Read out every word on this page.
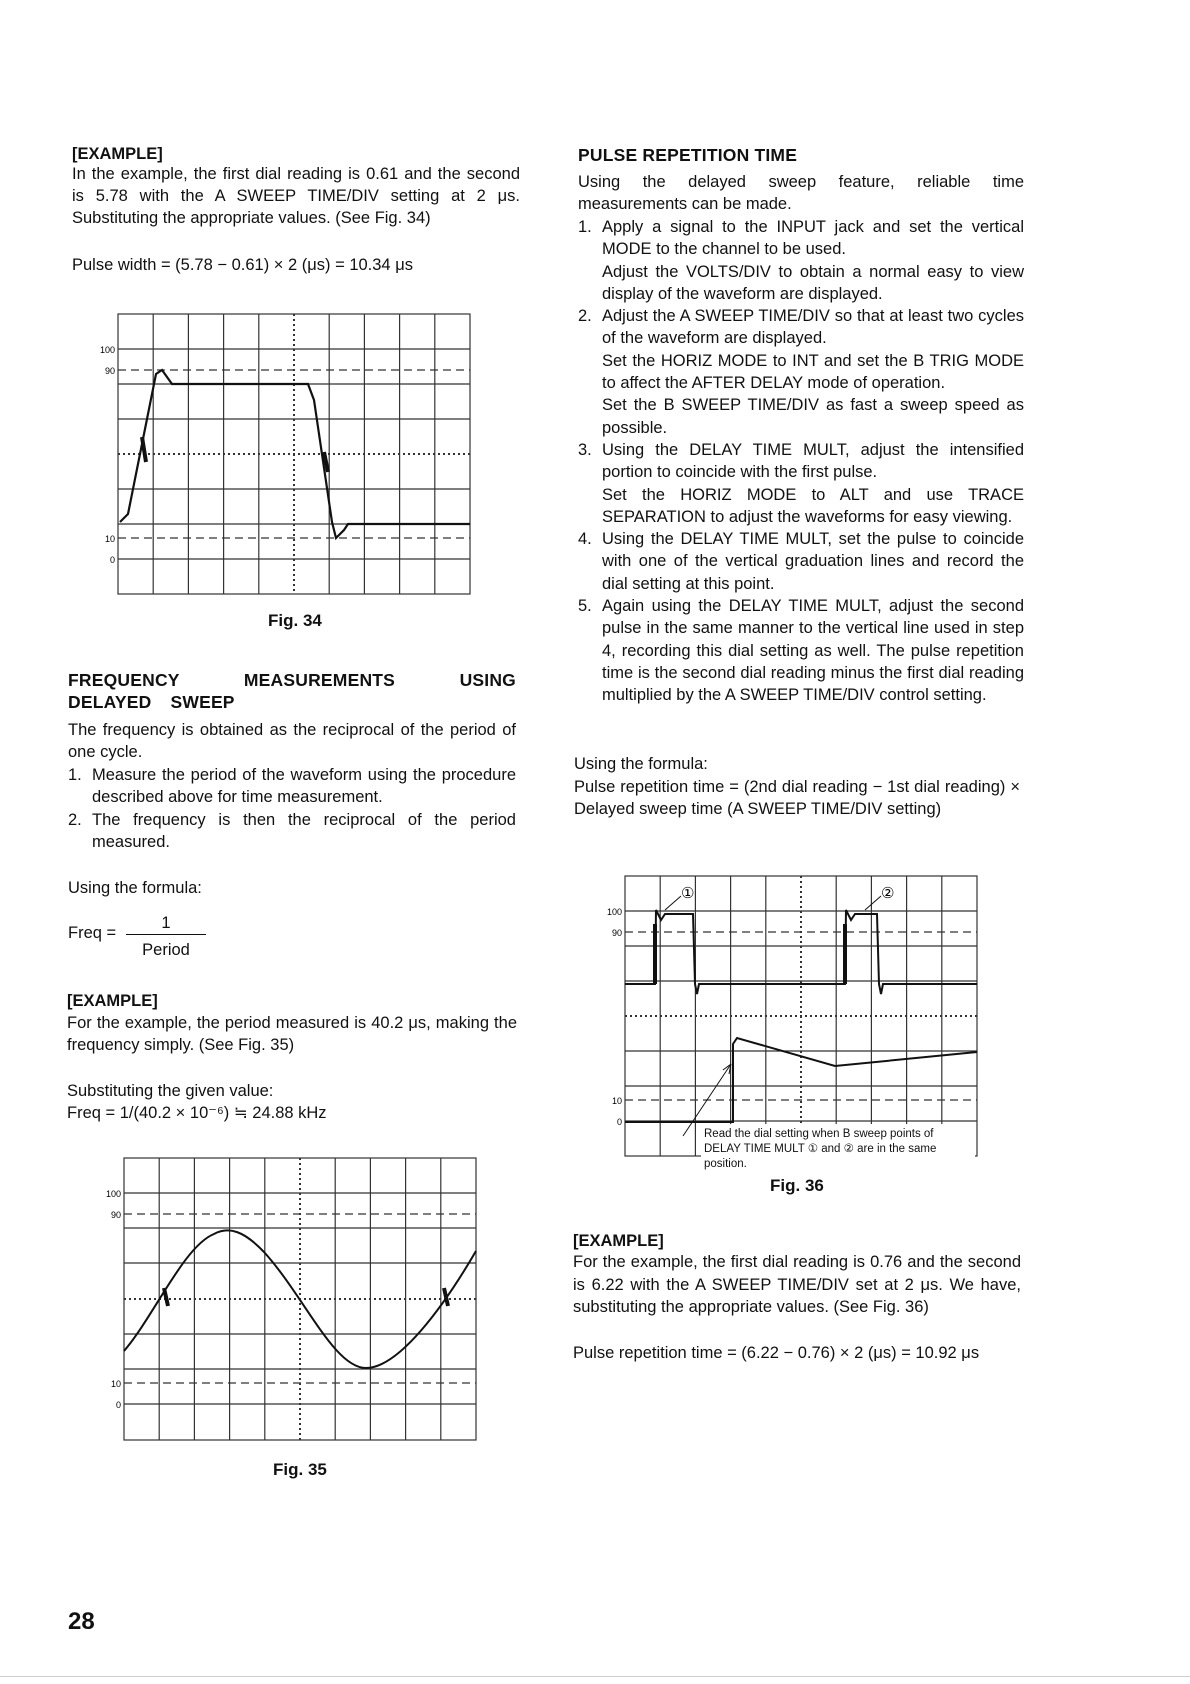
[EXAMPLE]

In the example, the first dial reading is 0.61 and the second is 5.78 with the A SWEEP TIME/DIV setting at 2 μs. Substituting the appropriate values. (See Fig. 34)

Pulse width = (5.78 − 0.61) × 2 (μs) = 10.34 μs

100
90
10
0
Fig. 34

FREQUENCY MEASUREMENTS USING DELAYED SWEEP

The frequency is obtained as the reciprocal of the period of one cycle.

1. Measure the period of the waveform using the procedure described above for time measurement.
2. The frequency is then the reciprocal of the period measured.

Using the formula:

Freq =
1
Period

[EXAMPLE]

For the example, the period measured is 40.2 μs, making the frequency simply. (See Fig. 35)

Substituting the given value:

Freq = 1/(40.2 × 10⁻⁶) ≒ 24.88 kHz

100
90
10
0
Fig. 35

PULSE REPETITION TIME

Using the delayed sweep feature, reliable time measurements can be made.

1. Apply a signal to the INPUT jack and set the vertical MODE to the channel to be used.
Adjust the VOLTS/DIV to obtain a normal easy to view display of the waveform are displayed.
2. Adjust the A SWEEP TIME/DIV so that at least two cycles of the waveform are displayed.
Set the HORIZ MODE to INT and set the B TRIG MODE to affect the AFTER DELAY mode of operation.
Set the B SWEEP TIME/DIV as fast a sweep speed as possible.
3. Using the DELAY TIME MULT, adjust the intensified portion to coincide with the first pulse.
Set the HORIZ MODE to ALT and use TRACE SEPARATION to adjust the waveforms for easy viewing.
4. Using the DELAY TIME MULT, set the pulse to coincide with one of the vertical graduation lines and record the dial setting at this point.
5. Again using the DELAY TIME MULT, adjust the second pulse in the same manner to the vertical line used in step 4, recording this dial setting as well. The pulse repetition time is the second dial reading minus the first dial reading multiplied by the A SWEEP TIME/DIV control setting.

Using the formula:

Pulse repetition time = (2nd dial reading − 1st dial reading) × Delayed sweep time (A SWEEP TIME/DIV setting)

100
90
10
0
①	②
Read the dial setting when B sweep points of DELAY TIME MULT ① and ② are in the same position.
Fig. 36

[EXAMPLE]

For the example, the first dial reading is 0.76 and the second is 6.22 with the A SWEEP TIME/DIV set at 2 μs. We have, substituting the appropriate values. (See Fig. 36)

Pulse repetition time = (6.22 − 0.76) × 2 (μs) = 10.92 μs

28
